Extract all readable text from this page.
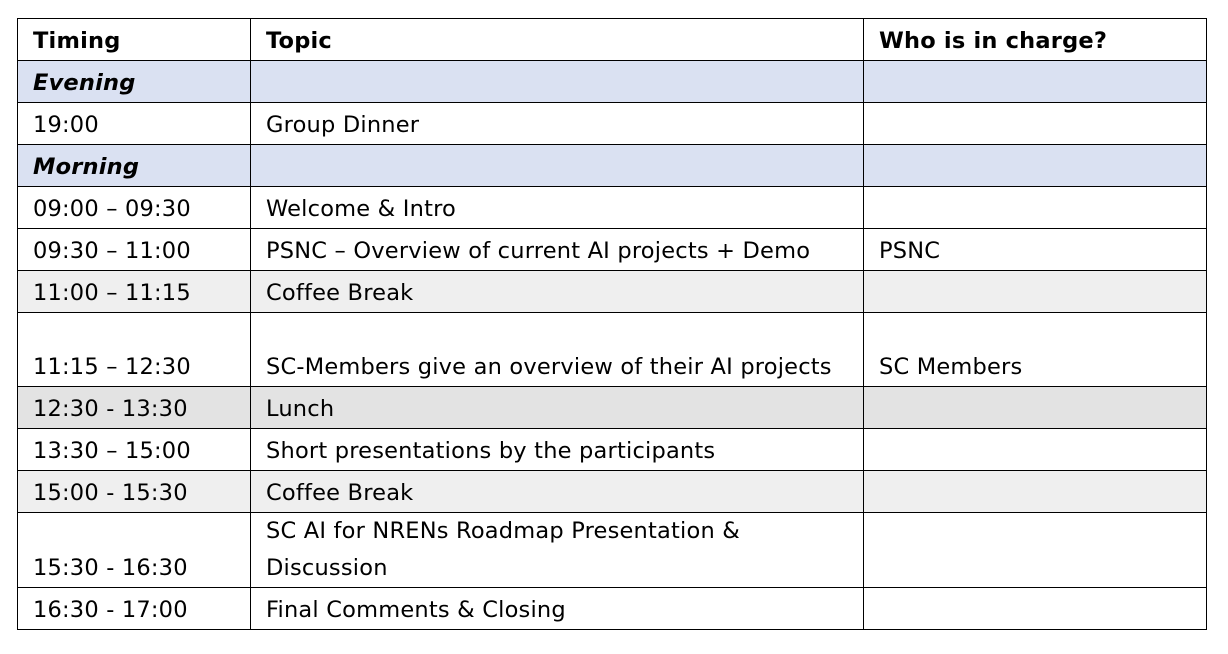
Timing	Topic	Who is in charge?
Evening		
19:00	Group Dinner	
Morning		
09:00 – 09:30	Welcome & Intro	
09:30 – 11:00	PSNC – Overview of current AI projects + Demo	PSNC
11:00 – 11:15	Coffee Break	
11:15 – 12:30	SC-Members give an overview of their AI projects	SC Members
12:30 - 13:30	Lunch	
13:30 – 15:00	Short presentations by the participants	
15:00 - 15:30	Coffee Break	
15:30 - 16:30	SC AI for NRENs Roadmap Presentation & Discussion	
16:30 - 17:00	Final Comments & Closing	
